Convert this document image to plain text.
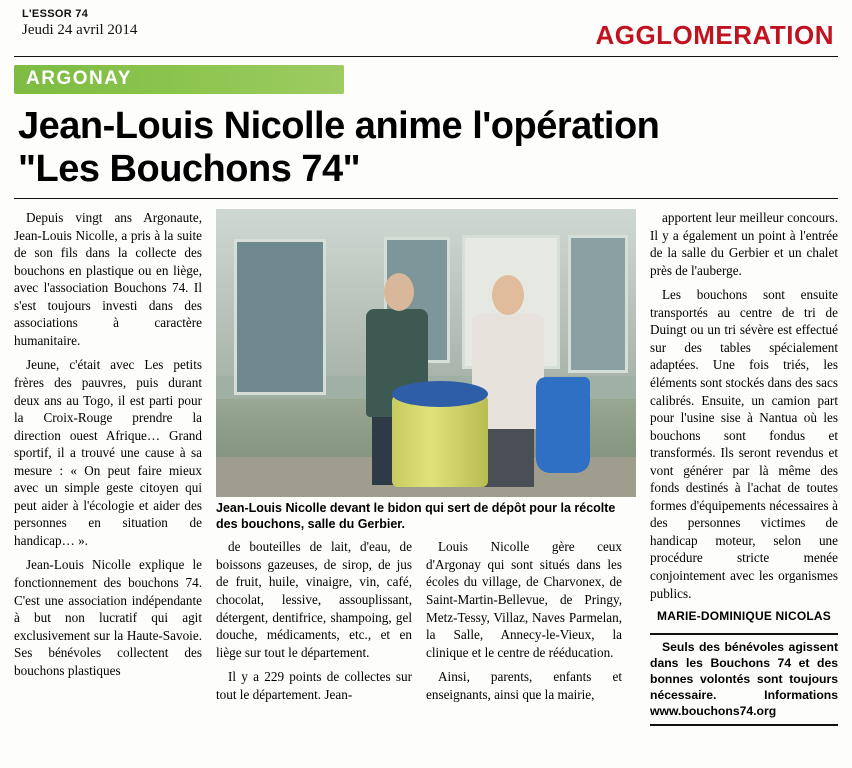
L'ESSOR 74
Jeudi 24 avril 2014	AGGLOMERATION
ARGONAY
Jean-Louis Nicolle anime l'opération
"Les Bouchons 74"

Depuis vingt ans Argonaute, Jean-Louis Nicolle, a pris à la suite de son fils dans la collecte des bouchons en plastique ou en liège, avec l'association Bouchons 74. Il s'est toujours investi dans des associations à caractère humanitaire.

Jeune, c'était avec Les petits frères des pauvres, puis durant deux ans au Togo, il est parti pour la Croix-Rouge prendre la direction ouest Afrique… Grand sportif, il a trouvé une cause à sa mesure : « On peut faire mieux avec un simple geste citoyen qui peut aider à l'écologie et aider des personnes en situation de handicap… ».

Jean-Louis Nicolle explique le fonctionnement des bouchons 74. C'est une association indépendante à but non lucratif qui agit exclusivement sur la Haute-Savoie. Ses bénévoles collectent des bouchons plastiques

Jean-Louis Nicolle devant le bidon qui sert de dépôt pour la récolte des bouchons, salle du Gerbier.

de bouteilles de lait, d'eau, de boissons gazeuses, de sirop, de jus de fruit, huile, vinaigre, vin, café, chocolat, lessive, assouplissant, détergent, dentifrice, shampoing, gel douche, médicaments, etc., et en liège sur tout le département.

Il y a 229 points de collectes sur tout le département. Jean-

Louis Nicolle gère ceux d'Argonay qui sont situés dans les écoles du village, de Charvonex, de Saint-Martin-Bellevue, de Pringy, Metz-Tessy, Villaz, Naves Parmelan, la Salle, Annecy-le-Vieux, la clinique et le centre de rééducation.

Ainsi, parents, enfants et enseignants, ainsi que la mairie,

apportent leur meilleur concours. Il y a également un point à l'entrée de la salle du Gerbier et un chalet près de l'auberge.

Les bouchons sont ensuite transportés au centre de tri de Duingt ou un tri sévère est effectué sur des tables spécialement adaptées. Une fois triés, les éléments sont stockés dans des sacs calibrés. Ensuite, un camion part pour l'usine sise à Nantua où les bouchons sont fondus et transformés. Ils seront revendus et vont générer par là même des fonds destinés à l'achat de toutes formes d'équipements nécessaires à des personnes victimes de handicap moteur, selon une procédure stricte menée conjointement avec les organismes publics.

MARIE-DOMINIQUE NICOLAS

Seuls des bénévoles agissent dans les Bouchons 74 et des bonnes volontés sont toujours nécessaire. Informations www.bouchons74.org
